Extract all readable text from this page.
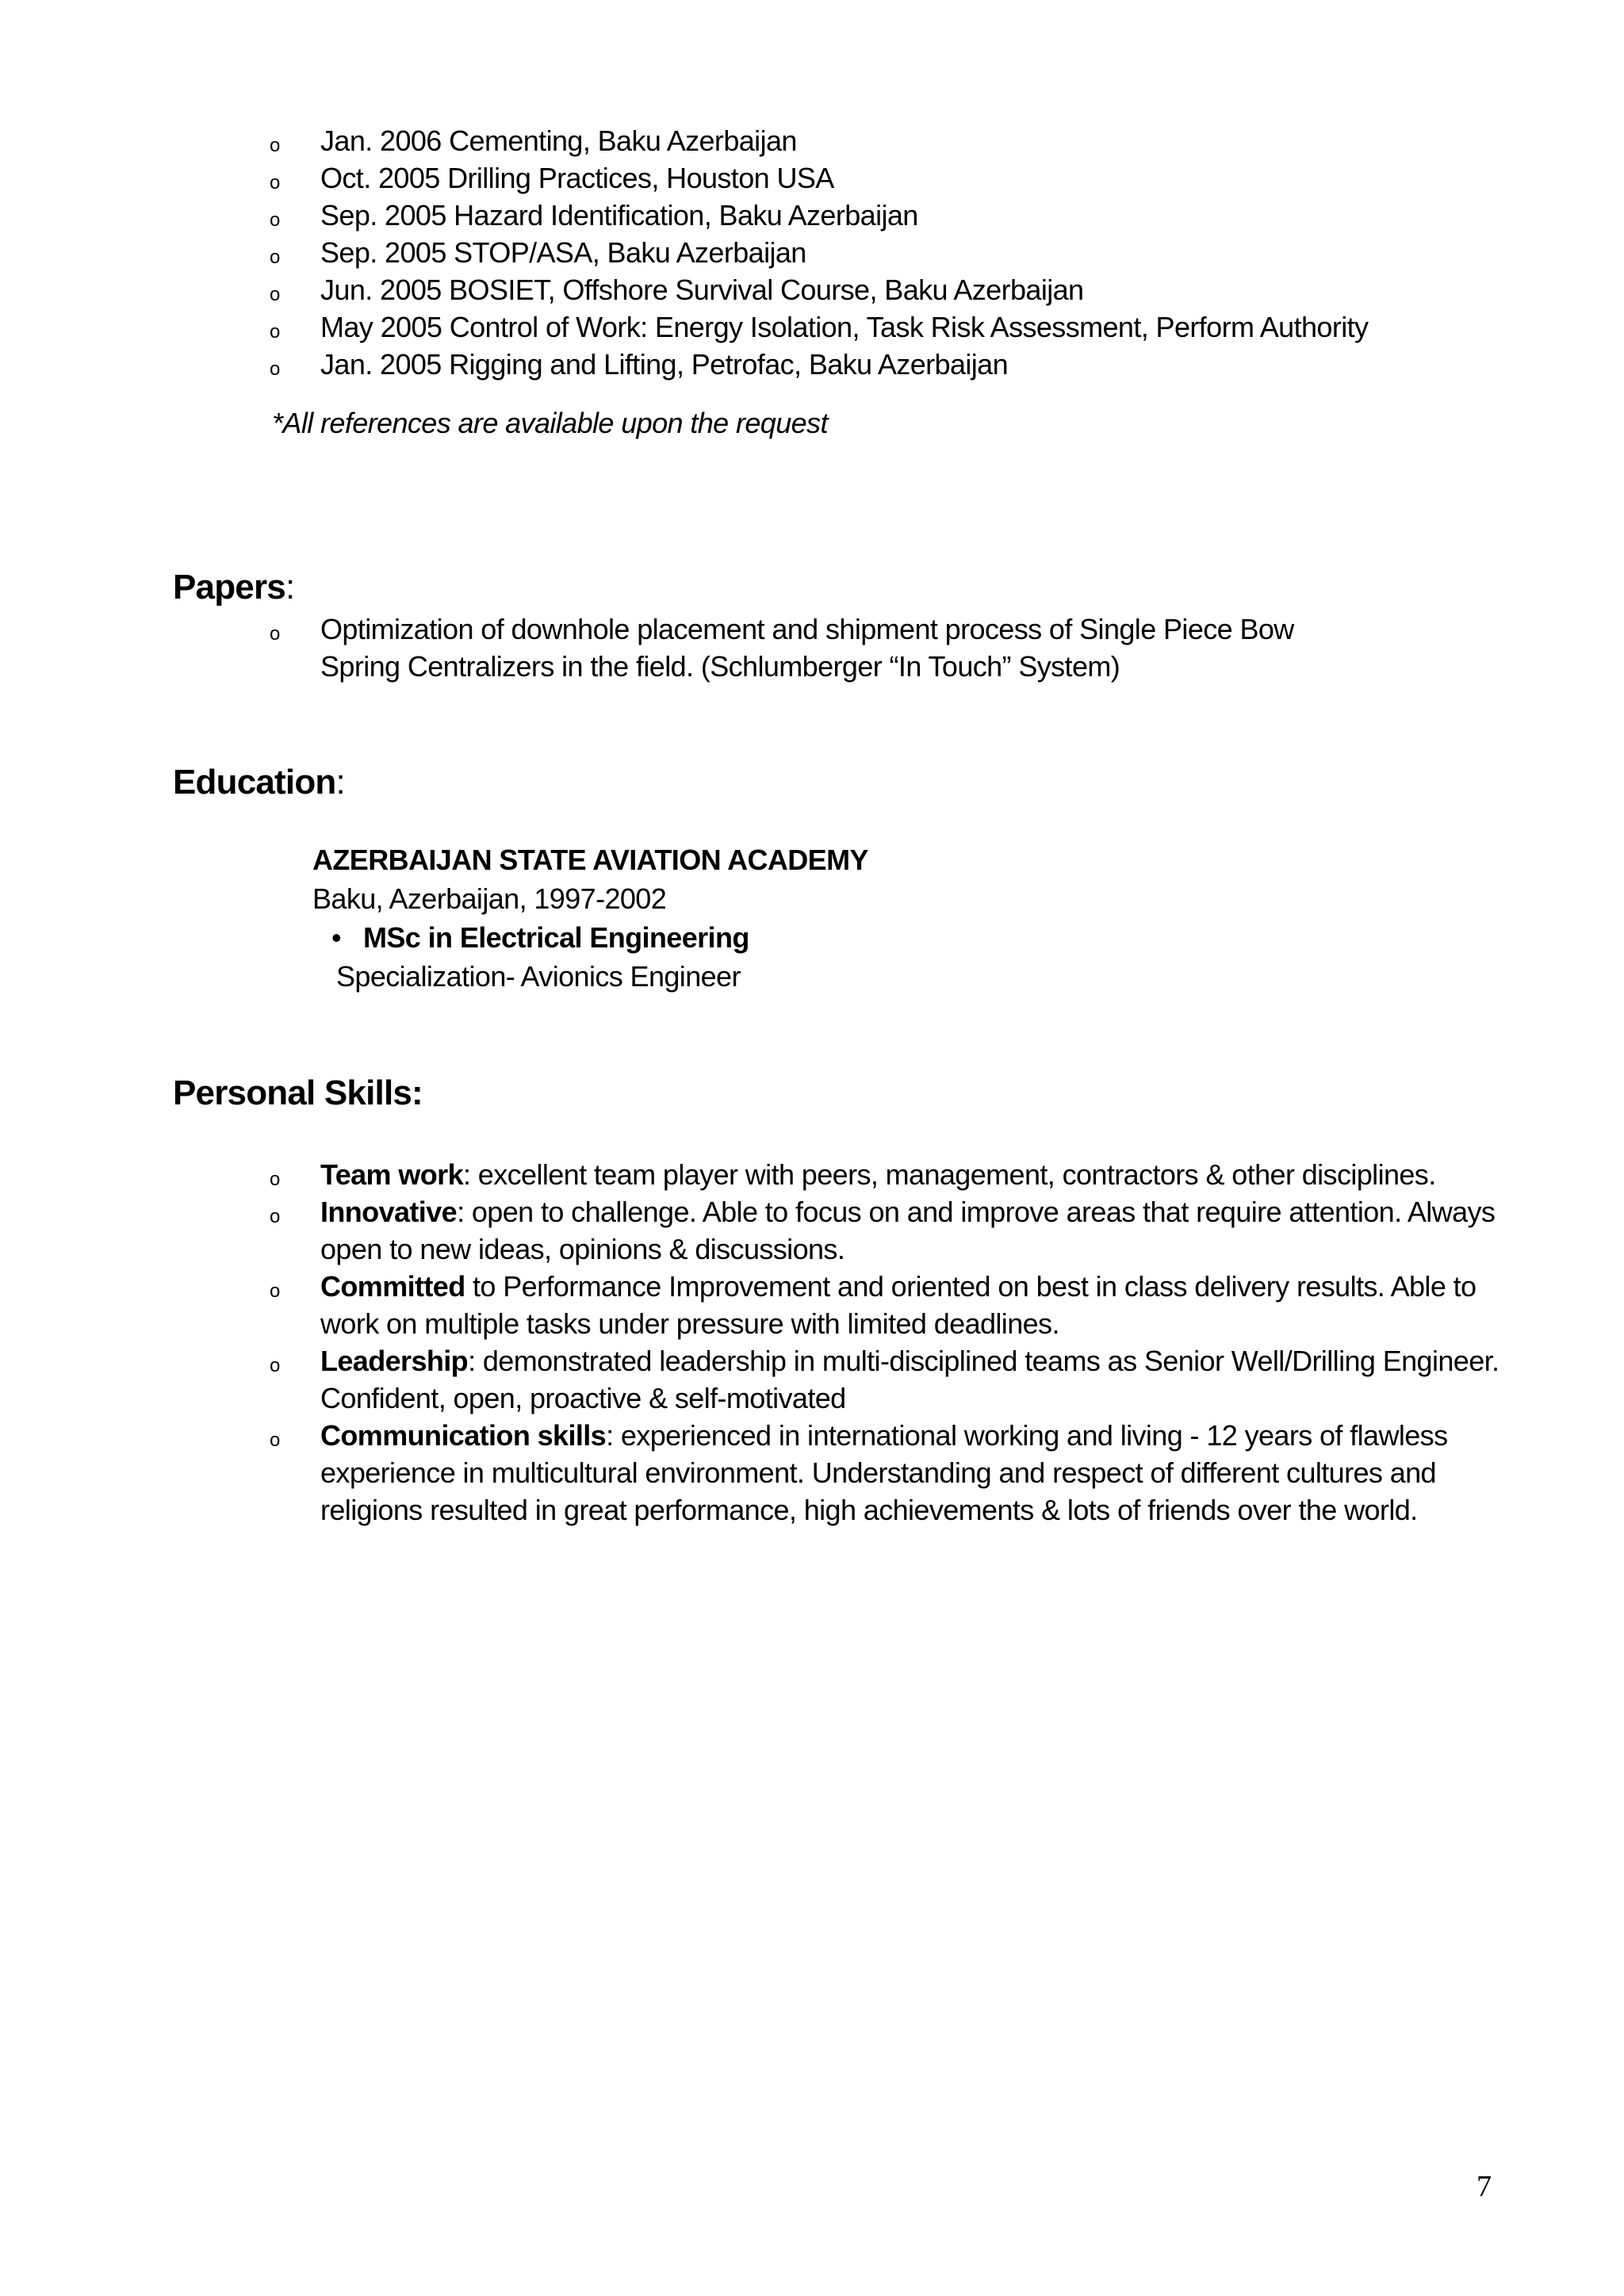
o Jan. 2006 Cementing, Baku Azerbaijan
o Oct. 2005 Drilling Practices, Houston USA
o Sep. 2005 Hazard Identification, Baku Azerbaijan
o Sep. 2005 STOP/ASA, Baku Azerbaijan
o Jun. 2005 BOSIET, Offshore Survival Course, Baku Azerbaijan
o May 2005 Control of Work: Energy Isolation, Task Risk Assessment, Perform Authority
o Jan. 2005 Rigging and Lifting, Petrofac, Baku Azerbaijan
*All references are available upon the request
Papers:
o Optimization of downhole placement and shipment process of Single Piece Bow Spring Centralizers in the field. (Schlumberger “In Touch” System)
Education:
AZERBAIJAN STATE AVIATION ACADEMY
Baku, Azerbaijan, 1997-2002
• MSc in Electrical Engineering
Specialization- Avionics Engineer
Personal Skills:
o Team work: excellent team player with peers, management, contractors & other disciplines.
o Innovative: open to challenge. Able to focus on and improve areas that require attention. Always open to new ideas, opinions & discussions.
o Committed to Performance Improvement and oriented on best in class delivery results. Able to work on multiple tasks under pressure with limited deadlines.
o Leadership: demonstrated leadership in multi-disciplined teams as Senior Well/Drilling Engineer. Confident, open, proactive & self-motivated
o Communication skills: experienced in international working and living - 12 years of flawless experience in multicultural environment. Understanding and respect of different cultures and religions resulted in great performance, high achievements & lots of friends over the world.
7
